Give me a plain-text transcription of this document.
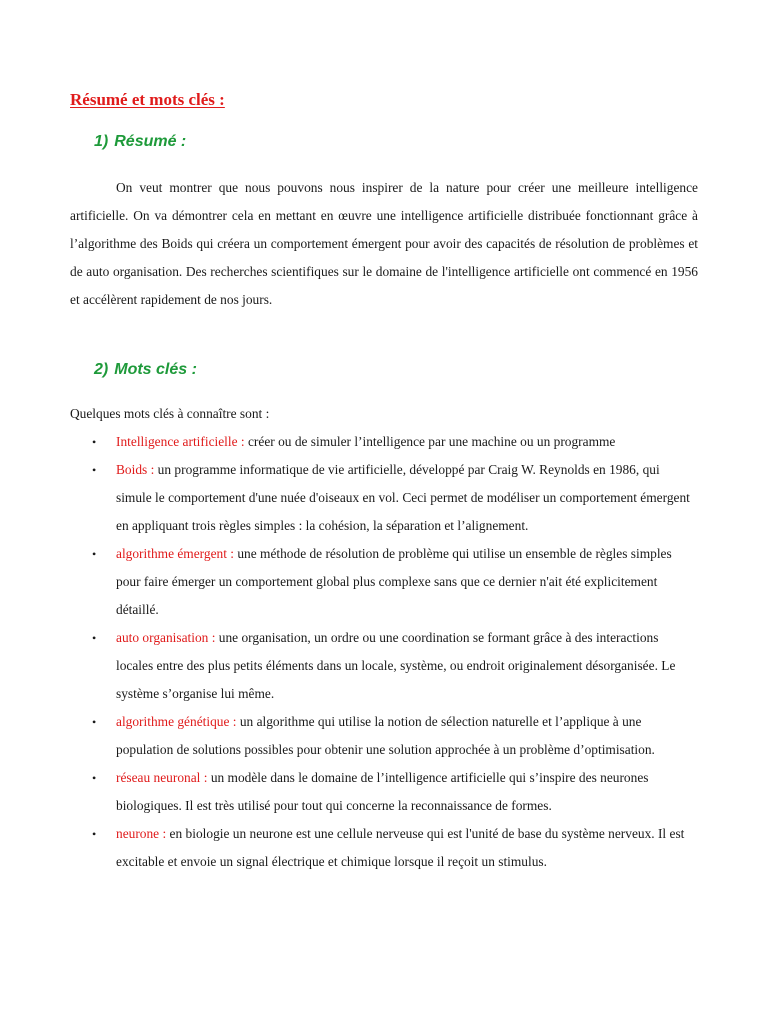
Résumé et mots clés :
1) Résumé :

On veut montrer que nous pouvons nous inspirer de la nature pour créer une meilleure intelligence artificielle. On va démontrer cela en mettant en œuvre une intelligence artificielle distribuée fonctionnant grâce à l’algorithme des Boids qui créera un comportement émergent pour avoir des capacités de résolution de problèmes et de auto organisation. Des recherches scientifiques sur le domaine de l'intelligence artificielle ont commencé en 1956 et accélèrent rapidement de nos jours.

2) Mots clés :

Quelques mots clés à connaître sont :

• Intelligence artificielle : créer ou de simuler l’intelligence par une machine ou un programme
• Boids : un programme informatique de vie artificielle, développé par Craig W. Reynolds en 1986, qui simule le comportement d'une nuée d'oiseaux en vol. Ceci permet de modéliser un comportement émergent en appliquant trois règles simples : la cohésion, la séparation et l’alignement.
• algorithme émergent : une méthode de résolution de problème qui utilise un ensemble de règles simples pour faire émerger un comportement global plus complexe sans que ce dernier n'ait été explicitement détaillé.
• auto organisation : une organisation, un ordre ou une coordination se formant grâce à des interactions locales entre des plus petits éléments dans un locale, système, ou endroit originalement désorganisée. Le système s’organise lui même.
• algorithme génétique : un algorithme qui utilise la notion de sélection naturelle et l’applique à une population de solutions possibles pour obtenir une solution approchée à un problème d’optimisation.
• réseau neuronal : un modèle dans le domaine de l’intelligence artificielle qui s’inspire des neurones biologiques. Il est très utilisé pour tout qui concerne la reconnaissance de formes.
• neurone : en biologie un neurone est une cellule nerveuse qui est l'unité de base du système nerveux. Il est excitable et envoie un signal électrique et chimique lorsque il reçoit un stimulus.
